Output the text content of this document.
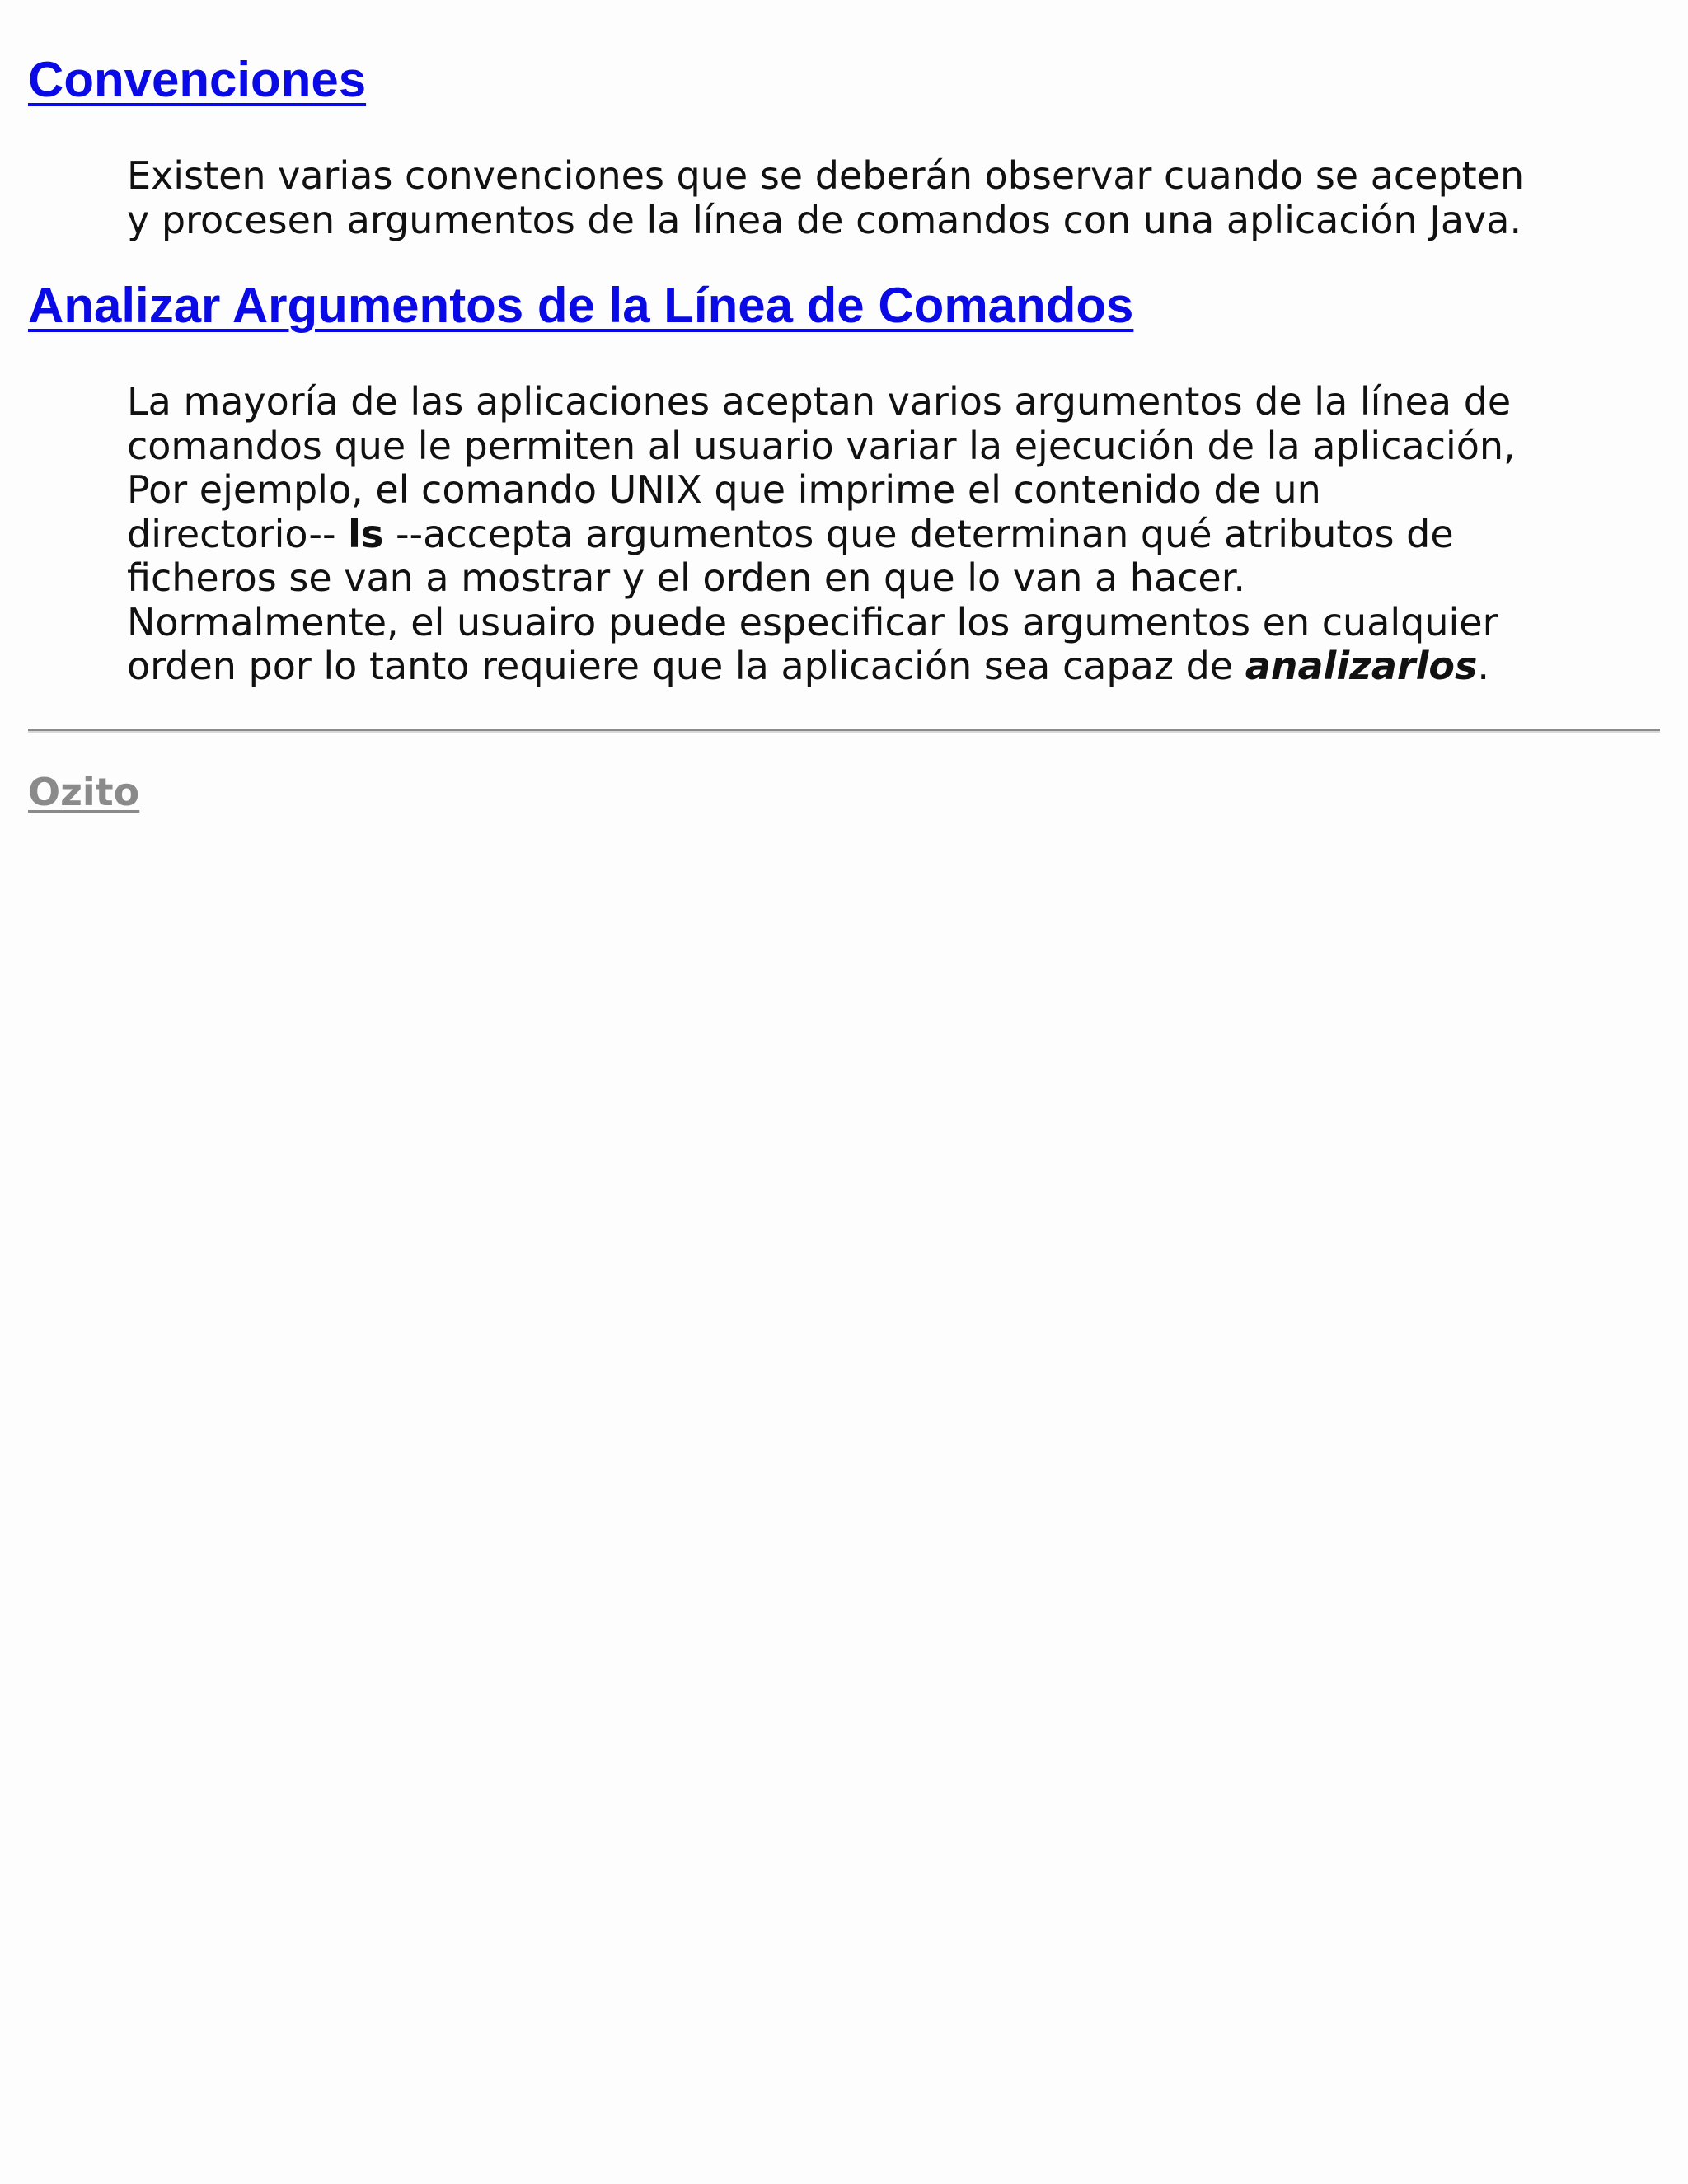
Convenciones

Existen varias convenciones que se deberán observar cuando se acepten
y procesen argumentos de la línea de comandos con una aplicación Java.

Analizar Argumentos de la Línea de Comandos

La mayoría de las aplicaciones aceptan varios argumentos de la línea de
comandos que le permiten al usuario variar la ejecución de la aplicación,
Por ejemplo, el comando UNIX que imprime el contenido de un
directorio-- ls --accepta argumentos que determinan qué atributos de
ficheros se van a mostrar y el orden en que lo van a hacer.
Normalmente, el usuairo puede especificar los argumentos en cualquier
orden por lo tanto requiere que la aplicación sea capaz de analizarlos.

Ozito
